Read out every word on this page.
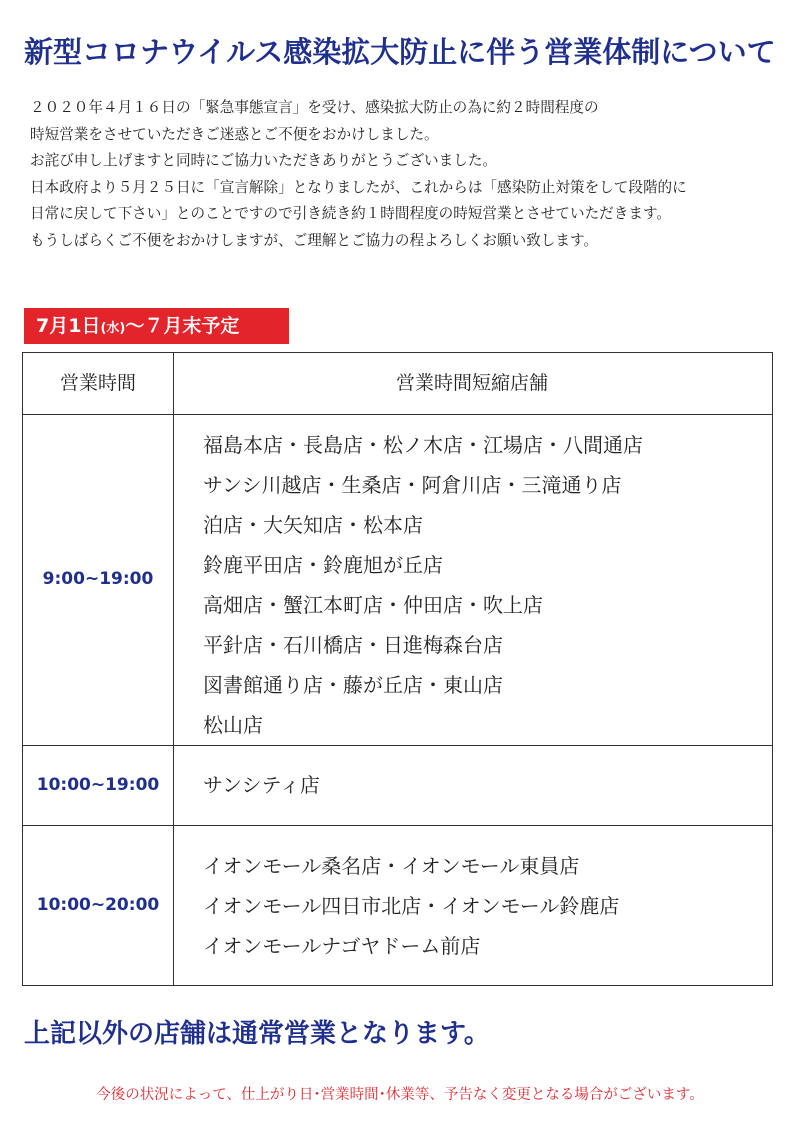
新型コロナウイルス感染拡大防止に伴う営業体制について
２０２０年４月１６日の「緊急事態宣言」を受け、感染拡大防止の為に約２時間程度の
時短営業をさせていただきご迷惑とご不便をおかけしました。
お詫び申し上げますと同時にご協力いただきありがとうございました。
日本政府より５月２５日に「宣言解除」となりましたが、これからは「感染防止対策をして段階的に
日常に戻して下さい」とのことですので引き続き約１時間程度の時短営業とさせていただきます。
もうしばらくご不便をおかけしますが、ご理解とご協力の程よろしくお願い致します。
7月1日(水)～７月末予定
営業時間	営業時間短縮店舗
9:00~19:00
福島本店・長島店・松ノ木店・江場店・八間通店
サンシ川越店・生桑店・阿倉川店・三滝通り店
泊店・大矢知店・松本店
鈴鹿平田店・鈴鹿旭が丘店
高畑店・蟹江本町店・仲田店・吹上店
平針店・石川橋店・日進梅森台店
図書館通り店・藤が丘店・東山店
松山店
10:00~19:00	サンシティ店
10:00~20:00
イオンモール桑名店・イオンモール東員店
イオンモール四日市北店・イオンモール鈴鹿店
イオンモールナゴヤドーム前店
上記以外の店舗は通常営業となります。
今後の状況によって、仕上がり日･営業時間･休業等、予告なく変更となる場合がございます。
